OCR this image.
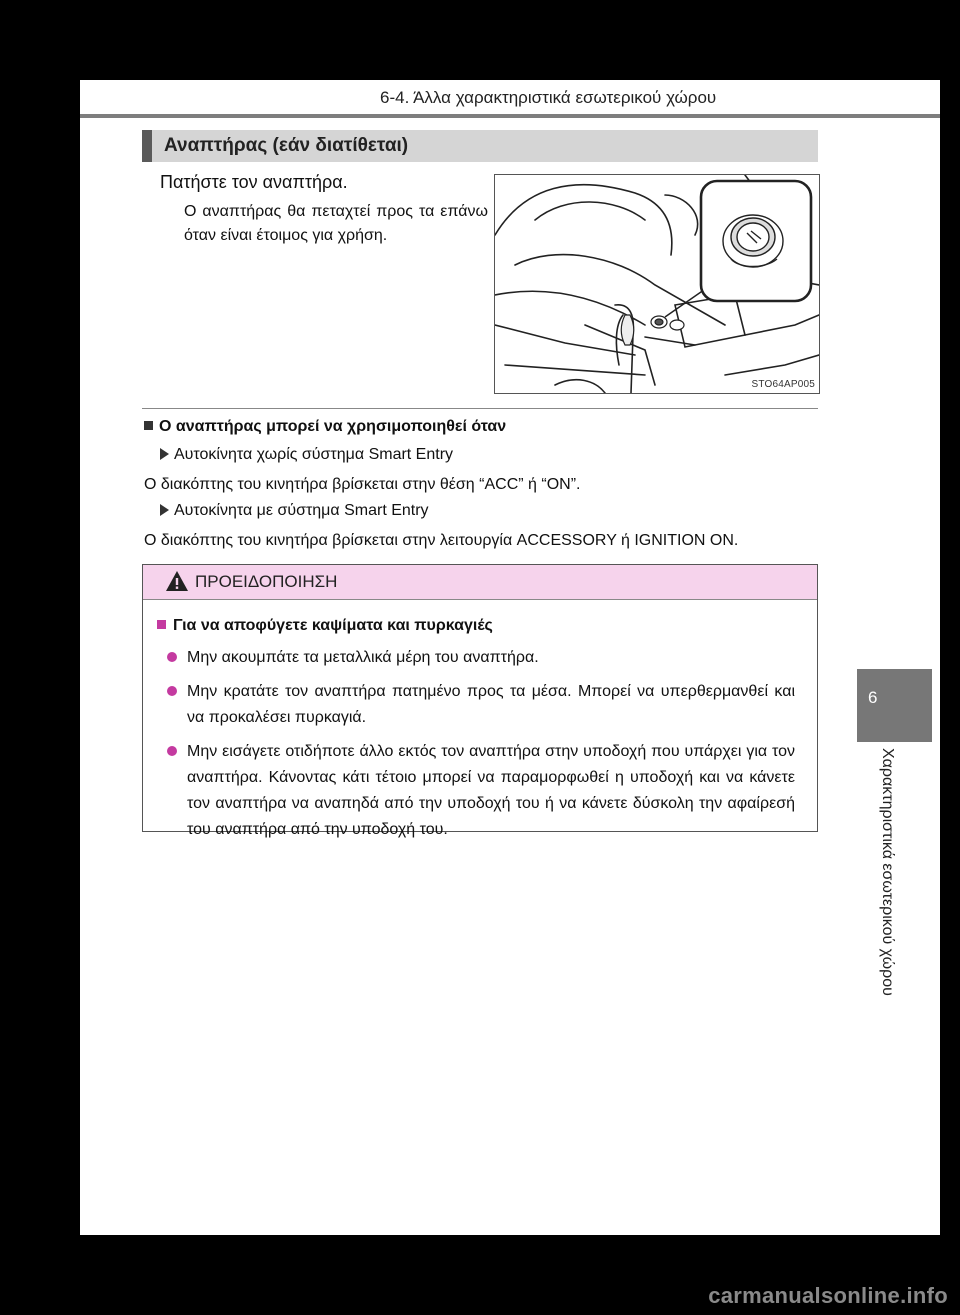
6-4. Άλλα χαρακτηριστικά εσωτερικού χώρου
Αναπτήρας (εάν διατίθεται)
Πατήστε τον αναπτήρα.
Ο αναπτήρας θα πεταχτεί προς τα επάνω όταν είναι έτοιμος για χρήση.
STO64AP005
Ο αναπτήρας μπορεί να χρησιμοποιηθεί όταν
Αυτοκίνητα χωρίς σύστημα Smart Entry
Ο διακόπτης του κινητήρα βρίσκεται στην θέση “ACC” ή “ON”.
Αυτοκίνητα με σύστημα Smart Entry
Ο διακόπτης του κινητήρα βρίσκεται στην λειτουργία ACCESSORY ή IGNITION ON.
ΠΡΟΕΙΔΟΠΟΙΗΣΗ
Για να αποφύγετε καψίματα και πυρκαγιές
Μην ακουμπάτε τα μεταλλικά μέρη του αναπτήρα.
Μην κρατάτε τον αναπτήρα πατημένο προς τα μέσα. Μπορεί να υπερθερμανθεί και να προκαλέσει πυρκαγιά.
Μην εισάγετε οτιδήποτε άλλο εκτός τον αναπτήρα στην υποδοχή που υπάρχει για τον αναπτήρα. Κάνοντας κάτι τέτοιο μπορεί να παραμορφωθεί η υποδοχή και να κάνετε τον αναπτήρα να αναπηδά από την υποδοχή του ή να κάνετε δύσκολη την αφαίρεσή του αναπτήρα από την υποδοχή του.
6
Χαρακτηριστικά εσωτερικού χώρου
carmanualsonline.info
